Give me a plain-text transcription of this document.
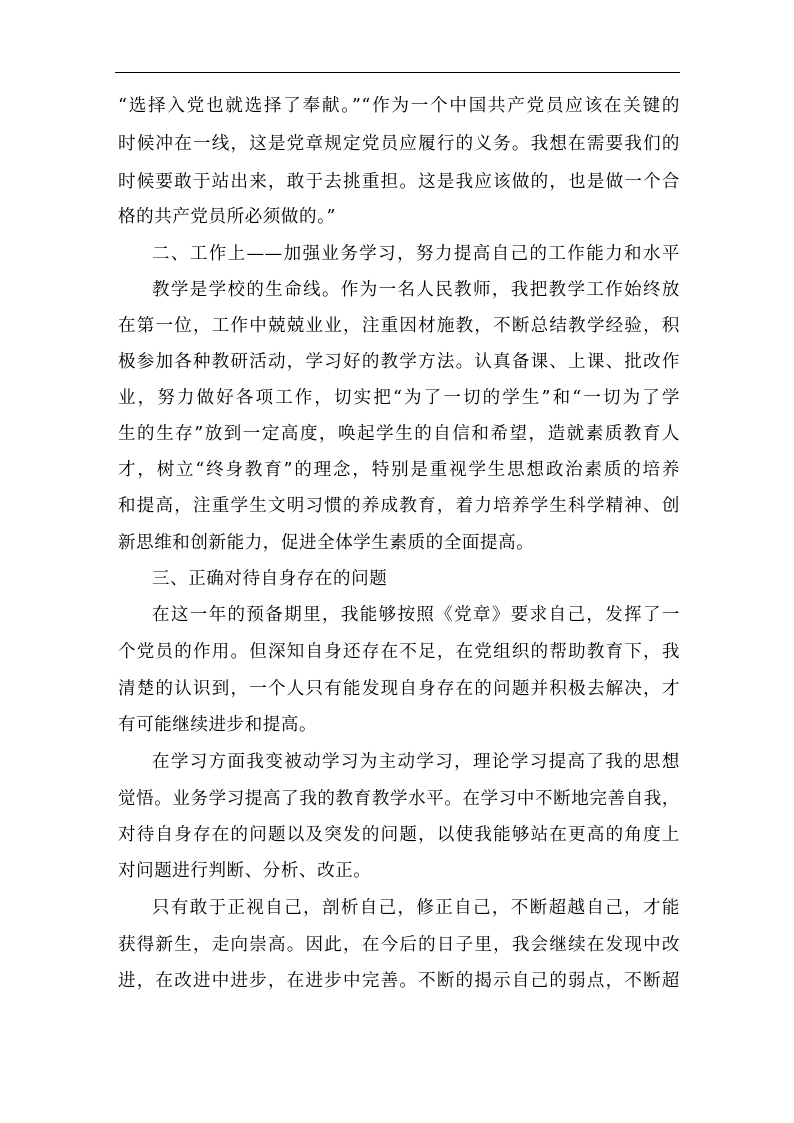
“选择入党也就选择了奉献。”“作为一个中国共产党员应该在关键的
时候冲在一线，这是党章规定党员应履行的义务。我想在需要我们的
时候要敢于站出来，敢于去挑重担。这是我应该做的，也是做一个合
格的共产党员所必须做的。”
二、工作上——加强业务学习，努力提高自己的工作能力和水平
教学是学校的生命线。作为一名人民教师，我把教学工作始终放
在第一位，工作中兢兢业业，注重因材施教，不断总结教学经验，积
极参加各种教研活动，学习好的教学方法。认真备课、上课、批改作
业，努力做好各项工作，切实把“为了一切的学生”和“一切为了学
生的生存”放到一定高度，唤起学生的自信和希望，造就素质教育人
才，树立“终身教育”的理念，特别是重视学生思想政治素质的培养
和提高，注重学生文明习惯的养成教育，着力培养学生科学精神、创
新思维和创新能力，促进全体学生素质的全面提高。
三、正确对待自身存在的问题
在这一年的预备期里，我能够按照《党章》要求自己，发挥了一
个党员的作用。但深知自身还存在不足，在党组织的帮助教育下，我
清楚的认识到，一个人只有能发现自身存在的问题并积极去解决，才
有可能继续进步和提高。
在学习方面我变被动学习为主动学习，理论学习提高了我的思想
觉悟。业务学习提高了我的教育教学水平。在学习中不断地完善自我，
对待自身存在的问题以及突发的问题，以使我能够站在更高的角度上
对问题进行判断、分析、改正。
只有敢于正视自己，剖析自己，修正自己，不断超越自己，才能
获得新生，走向崇高。因此，在今后的日子里，我会继续在发现中改
进，在改进中进步，在进步中完善。不断的揭示自己的弱点，不断超
